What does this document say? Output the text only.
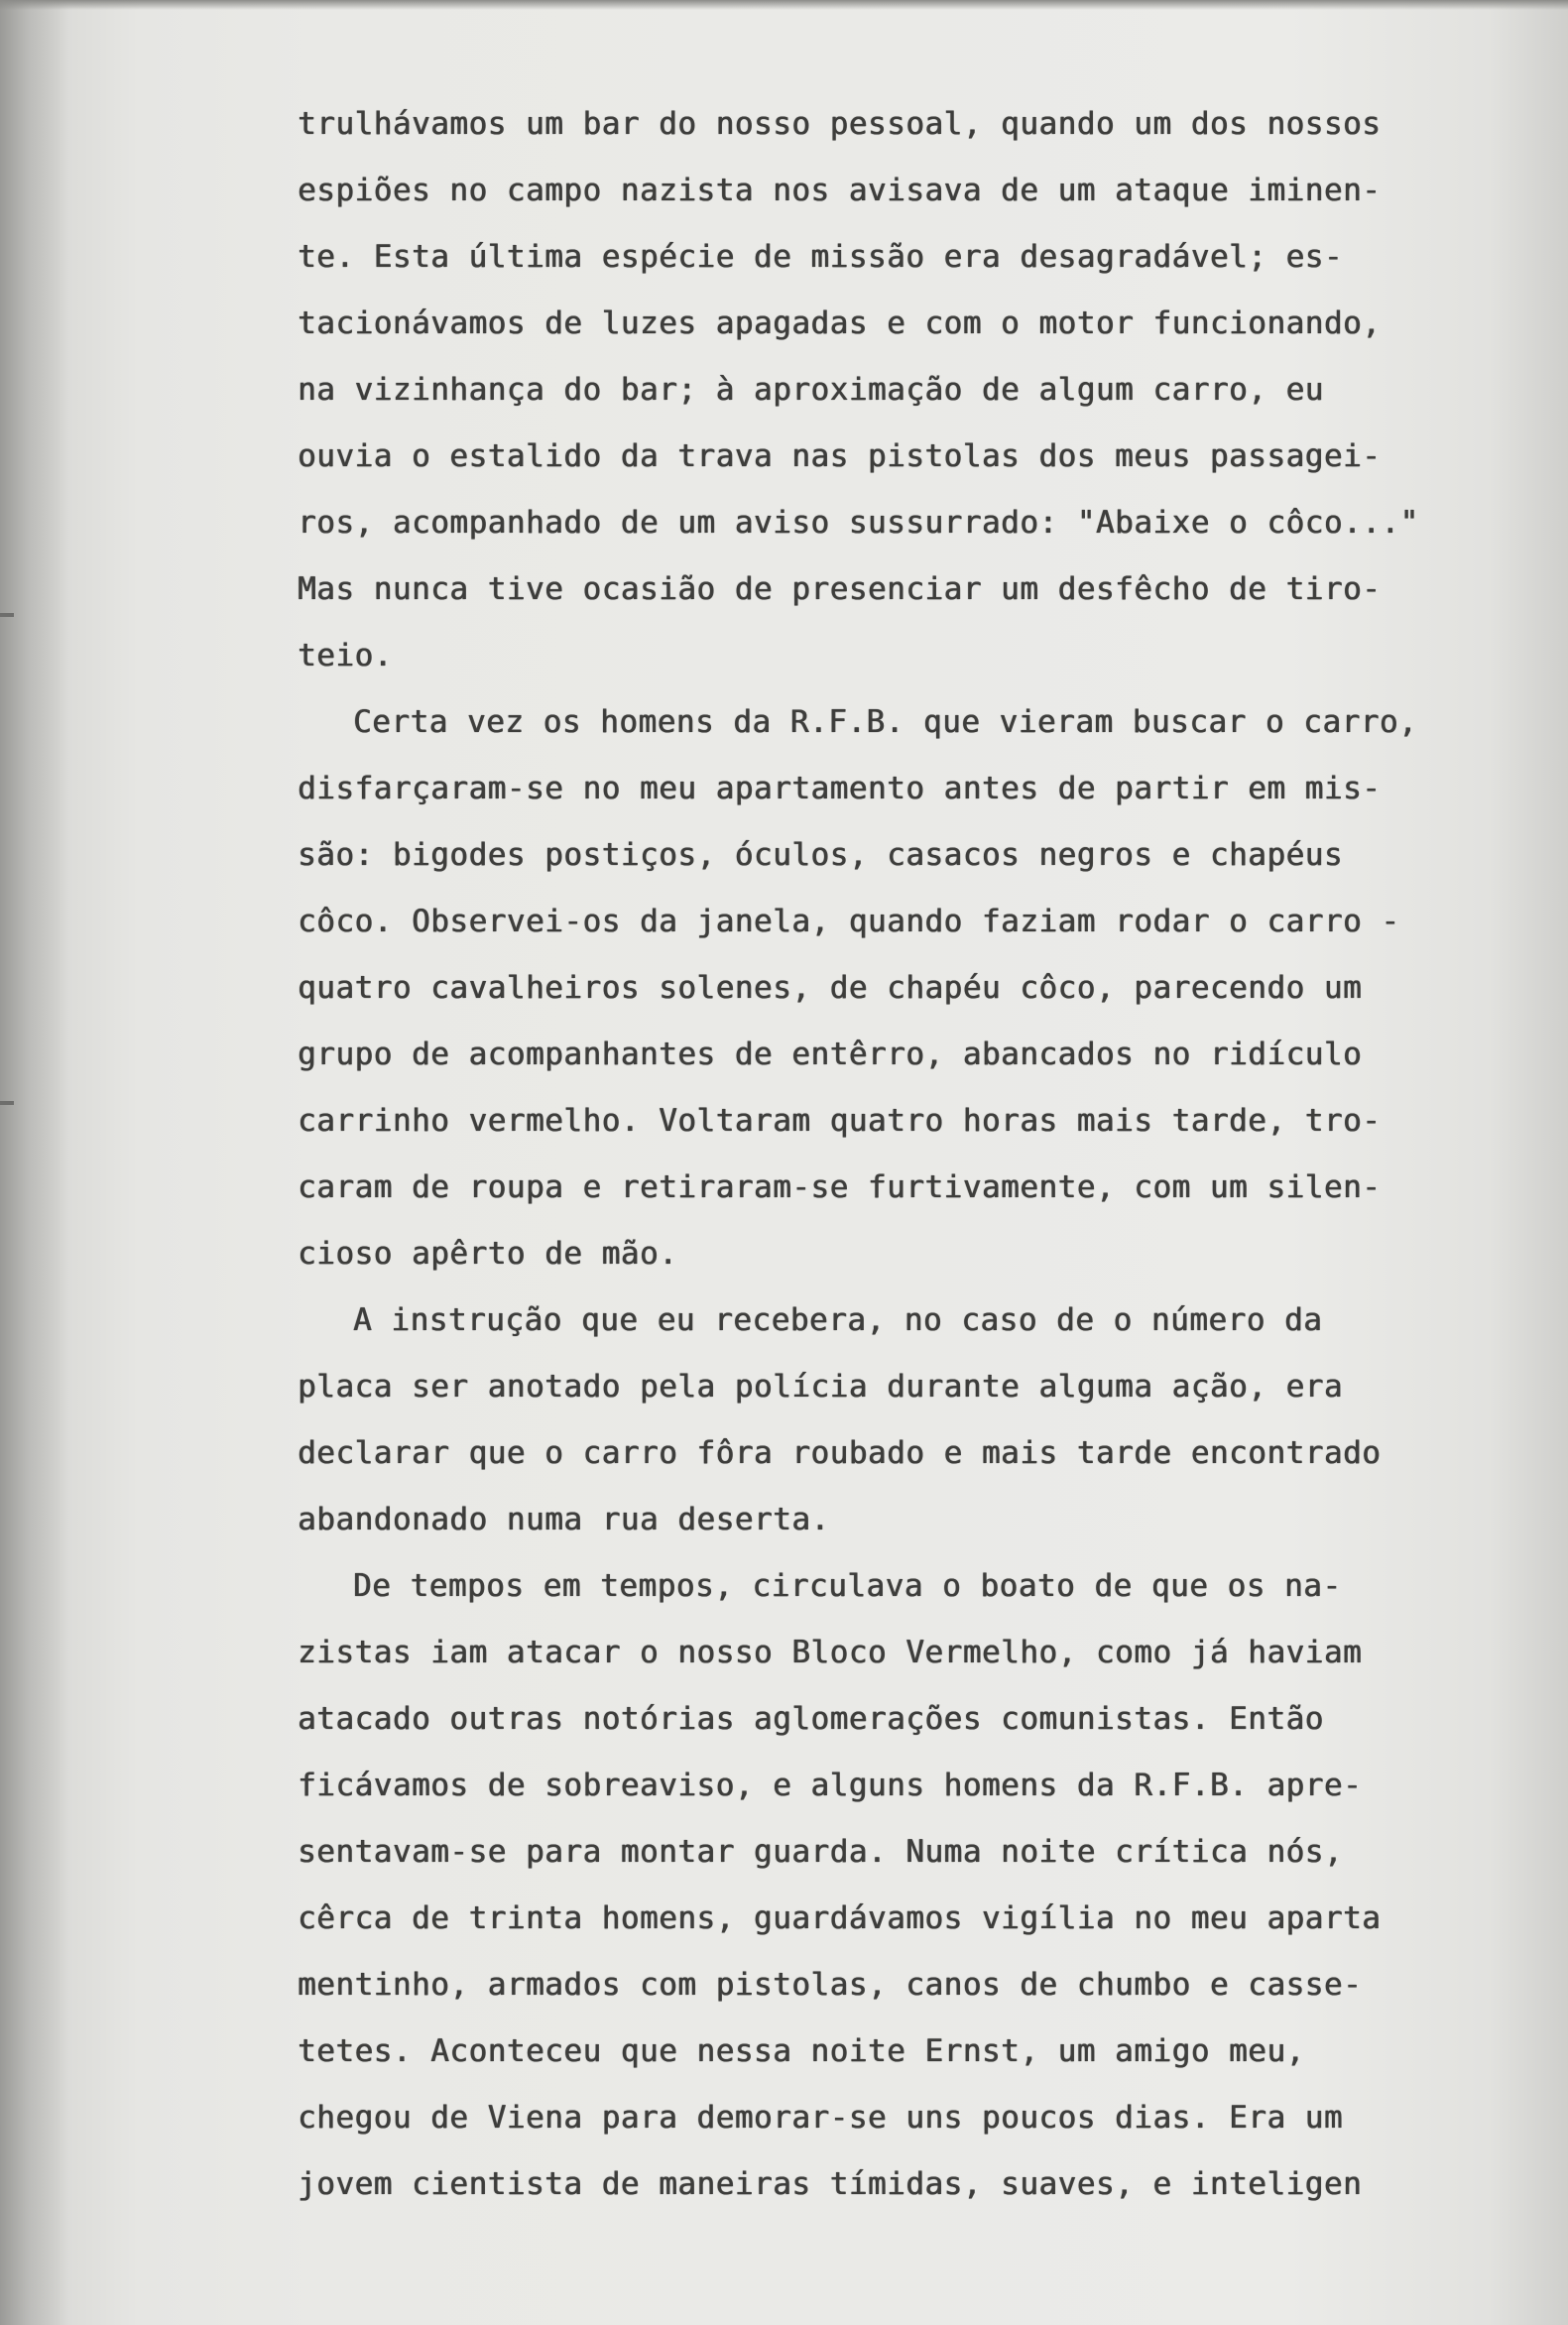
trulhávamos um bar do nosso pessoal, quando um dos nossos
espiões no campo nazista nos avisava de um ataque iminen-
te. Esta última espécie de missão era desagradável; es-
tacionávamos de luzes apagadas e com o motor funcionando,
na vizinhança do bar; à aproximação de algum carro, eu
ouvia o estalido da trava nas pistolas dos meus passagei-
ros, acompanhado de um aviso sussurrado: "Abaixe o côco..."
Mas nunca tive ocasião de presenciar um desfêcho de tiro-
teio.
Certa vez os homens da R.F.B. que vieram buscar o carro,
disfarçaram-se no meu apartamento antes de partir em mis-
são: bigodes postiços, óculos, casacos negros e chapéus
côco. Observei-os da janela, quando faziam rodar o carro -
quatro cavalheiros solenes, de chapéu côco, parecendo um
grupo de acompanhantes de entêrro, abancados no ridículo
carrinho vermelho. Voltaram quatro horas mais tarde, tro-
caram de roupa e retiraram-se furtivamente, com um silen-
cioso apêrto de mão.
A instrução que eu recebera, no caso de o número da
placa ser anotado pela polícia durante alguma ação, era
declarar que o carro fôra roubado e mais tarde encontrado
abandonado numa rua deserta.
De tempos em tempos, circulava o boato de que os na-
zistas iam atacar o nosso Bloco Vermelho, como já haviam
atacado outras notórias aglomerações comunistas. Então
ficávamos de sobreaviso, e alguns homens da R.F.B. apre-
sentavam-se para montar guarda. Numa noite crítica nós,
cêrca de trinta homens, guardávamos vigília no meu aparta
mentinho, armados com pistolas, canos de chumbo e casse-
tetes. Aconteceu que nessa noite Ernst, um amigo meu,
chegou de Viena para demorar-se uns poucos dias. Era um
jovem cientista de maneiras tímidas, suaves, e inteligen
